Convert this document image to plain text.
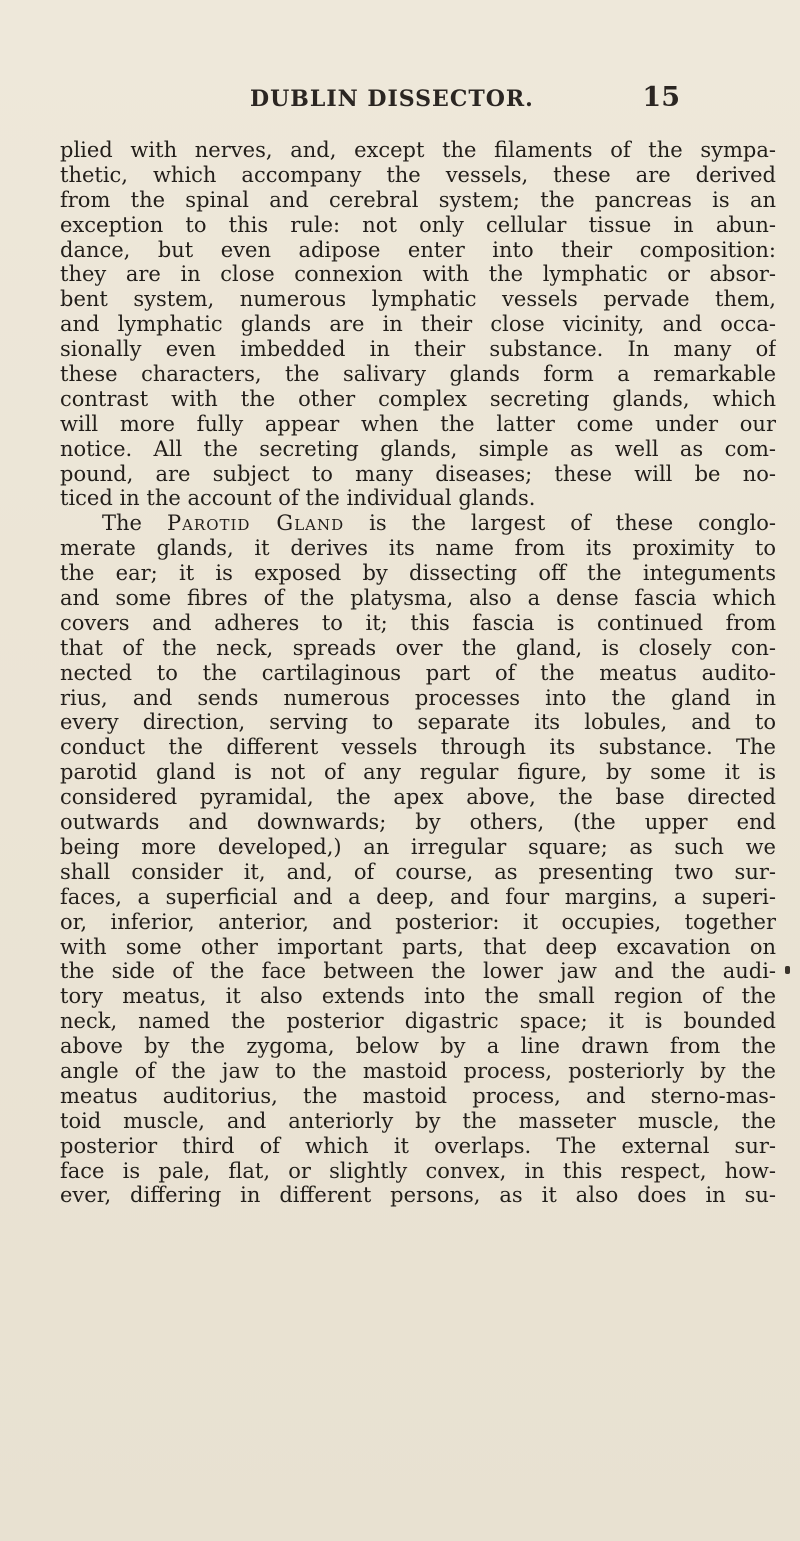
DUBLIN DISSECTOR.	15
plied with nerves, and, except the filaments of the sympa-
thetic, which accompany the vessels, these are derived
from the spinal and cerebral system; the pancreas is an
exception to this rule: not only cellular tissue in abun-
dance, but even adipose enter into their composition:
they are in close connexion with the lymphatic or absor-
bent system, numerous lymphatic vessels pervade them,
and lymphatic glands are in their close vicinity, and occa-
sionally even imbedded in their substance. In many of
these characters, the salivary glands form a remarkable
contrast with the other complex secreting glands, which
will more fully appear when the latter come under our
notice. All the secreting glands, simple as well as com-
pound, are subject to many diseases; these will be no-
ticed in the account of the individual glands.
The Parotid Gland is the largest of these conglo-
merate glands, it derives its name from its proximity to
the ear; it is exposed by dissecting off the integuments
and some fibres of the platysma, also a dense fascia which
covers and adheres to it; this fascia is continued from
that of the neck, spreads over the gland, is closely con-
nected to the cartilaginous part of the meatus audito-
rius, and sends numerous processes into the gland in
every direction, serving to separate its lobules, and to
conduct the different vessels through its substance. The
parotid gland is not of any regular figure, by some it is
considered pyramidal, the apex above, the base directed
outwards and downwards; by others, (the upper end
being more developed,) an irregular square; as such we
shall consider it, and, of course, as presenting two sur-
faces, a superficial and a deep, and four margins, a superi-
or, inferior, anterior, and posterior: it occupies, together
with some other important parts, that deep excavation on
the side of the face between the lower jaw and the audi-
tory meatus, it also extends into the small region of the
neck, named the posterior digastric space; it is bounded
above by the zygoma, below by a line drawn from the
angle of the jaw to the mastoid process, posteriorly by the
meatus auditorius, the mastoid process, and sterno-mas-
toid muscle, and anteriorly by the masseter muscle, the
posterior third of which it overlaps. The external sur-
face is pale, flat, or slightly convex, in this respect, how-
ever, differing in different persons, as it also does in su-
